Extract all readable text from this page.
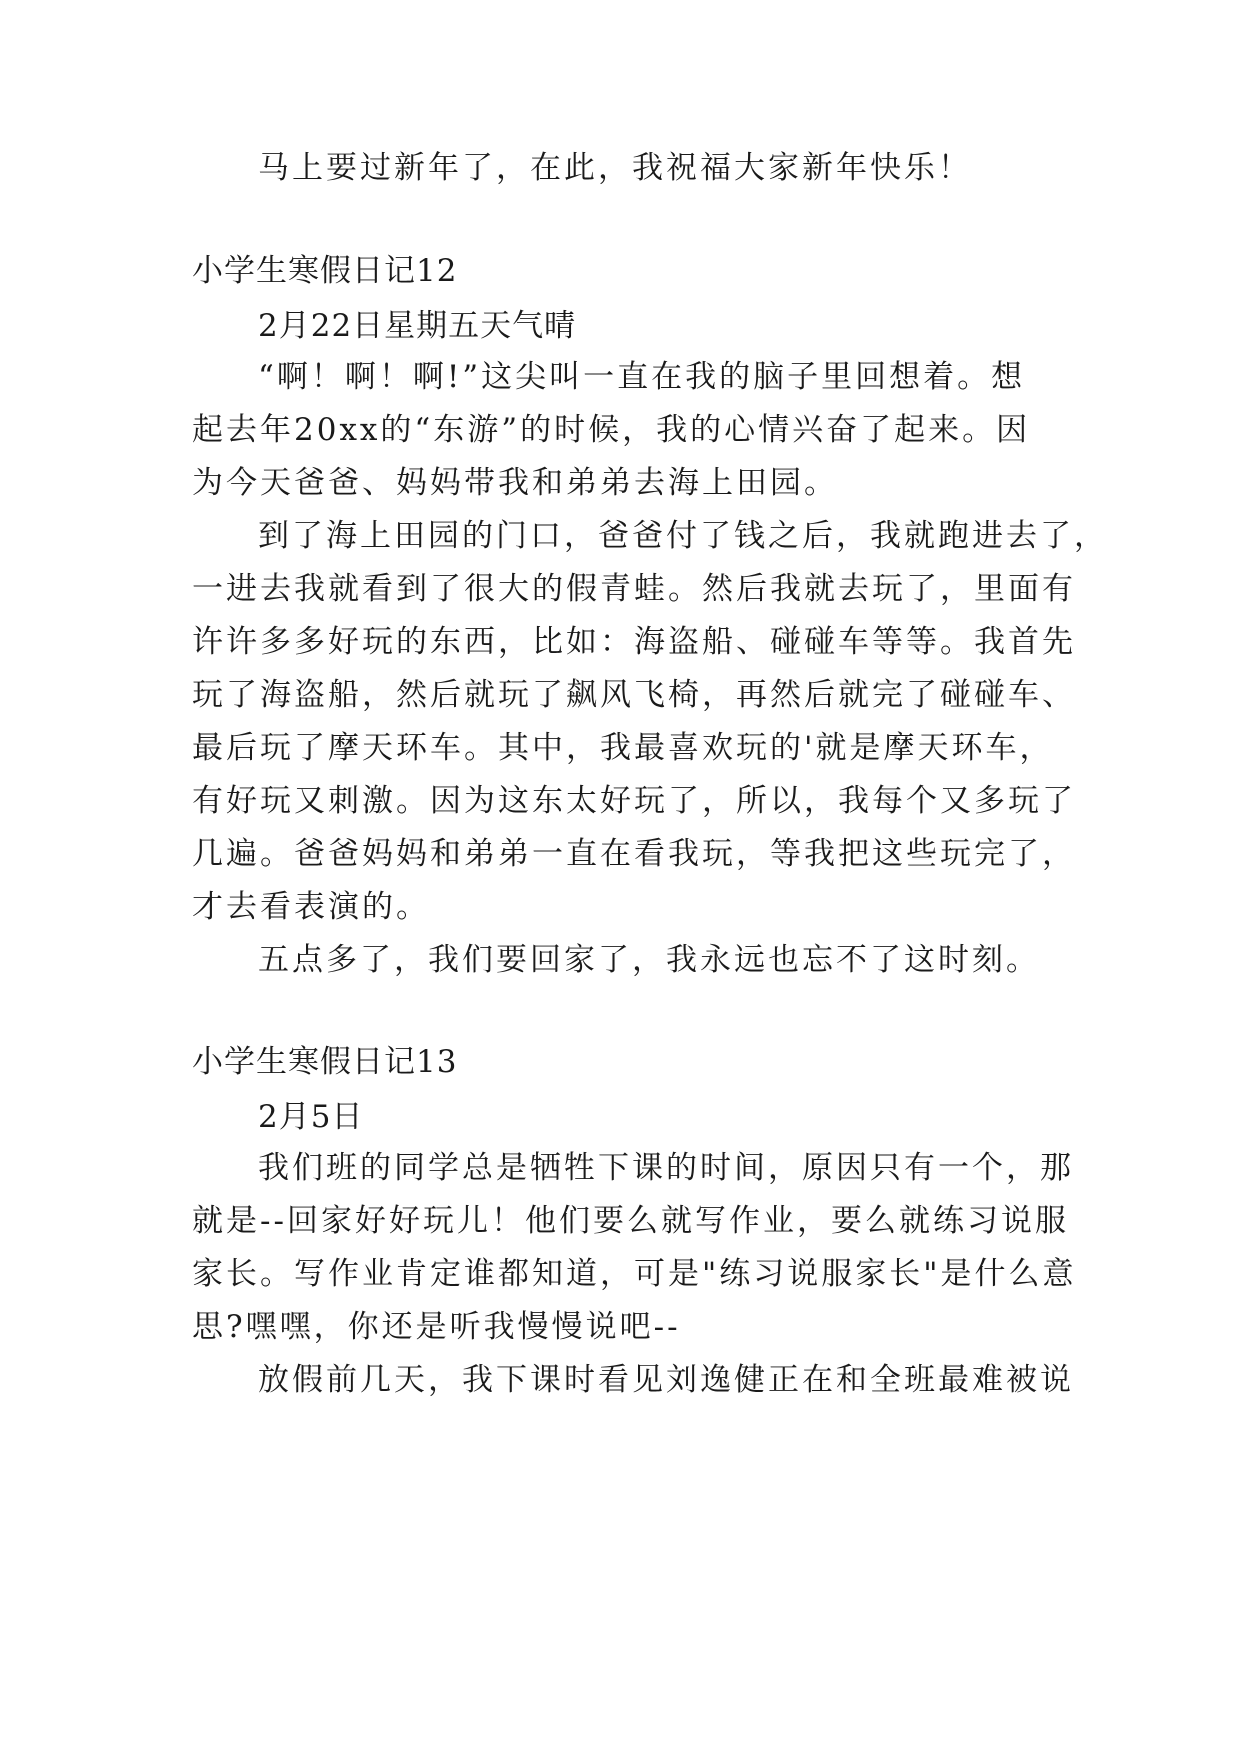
马上要过新年了，在此，我祝福大家新年快乐！
小学生寒假日记12
2月22日星期五天气晴
“啊！啊！啊!”这尖叫一直在我的脑子里回想着。想
起去年20xx的“东游”的时候，我的心情兴奋了起来。因
为今天爸爸、妈妈带我和弟弟去海上田园。
到了海上田园的门口，爸爸付了钱之后，我就跑进去了，
一进去我就看到了很大的假青蛙。然后我就去玩了，里面有
许许多多好玩的东西，比如：海盗船、碰碰车等等。我首先
玩了海盗船，然后就玩了飙风飞椅，再然后就完了碰碰车、
最后玩了摩天环车。其中，我最喜欢玩的'就是摩天环车，
有好玩又刺激。因为这东太好玩了，所以，我每个又多玩了
几遍。爸爸妈妈和弟弟一直在看我玩，等我把这些玩完了，
才去看表演的。
五点多了，我们要回家了，我永远也忘不了这时刻。
小学生寒假日记13
2月5日
我们班的同学总是牺牲下课的时间，原因只有一个，那
就是--回家好好玩儿！他们要么就写作业，要么就练习说服
家长。写作业肯定谁都知道，可是"练习说服家长"是什么意
思?嘿嘿，你还是听我慢慢说吧--
放假前几天，我下课时看见刘逸健正在和全班最难被说
